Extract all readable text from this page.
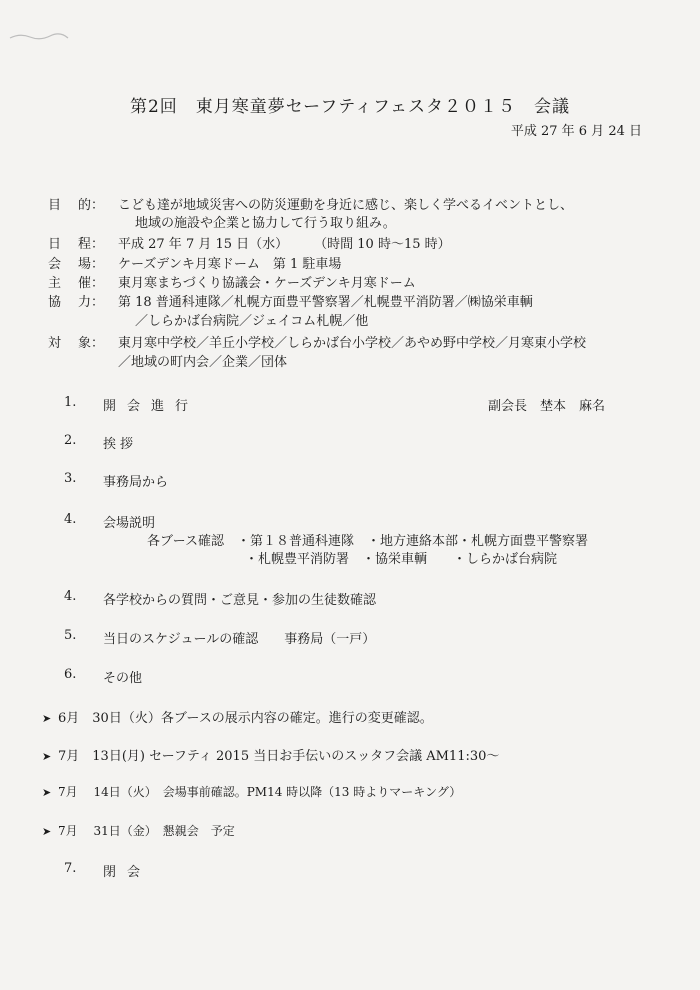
第2回　東月寒童夢セーフティフェスタ２０１５　会議
平成 27 年 6 月 24 日
目 的： こども達が地域災害への防災運動を身近に感じ、楽しく学べるイベントとし、
地域の施設や企業と協力して行う取り組み。
日 程： 平成 27 年 7 月 15 日（水）　　　（時間 10 時～15 時）
会 場： ケーズデンキ月寒ドーム　第 1 駐車場
主 催： 東月寒まちづくり協議会・ケーズデンキ月寒ドーム
協 力： 第 18 普通科連隊／札幌方面豊平警察署／札幌豊平消防署／㈱協栄車輌
／しらかば台病院／ジェイコム札幌／他
対 象： 東月寒中学校／羊丘小学校／しらかば台小学校／あやめ野中学校／月寒東小学校
／地域の町内会／企業／団体
1. 開会進行	副会長　埜本　麻名
2. 挨拶
3. 事務局から
4. 会場説明
各ブース確認　・第１８普通科連隊　・地方連絡本部・札幌方面豊平警察署
・札幌豊平消防署　・協栄車輌　　・しらかば台病院
4. 各学校からの質問・ご意見・参加の生徒数確認
5. 当日のスケジュールの確認　　事務局（一戸）
6. その他
➤ 6月　30日（火）各ブースの展示内容の確定。進行の変更確認。
➤ 7月　13日(月) セーフティ 2015 当日お手伝いのスッタフ会議 AM11:30～
➤ 7月　 14日（火）　会場事前確認。PM14 時以降（13 時よりマーキング）
➤ 7月　 31日（金）　懇親会　予定
7. 閉会
